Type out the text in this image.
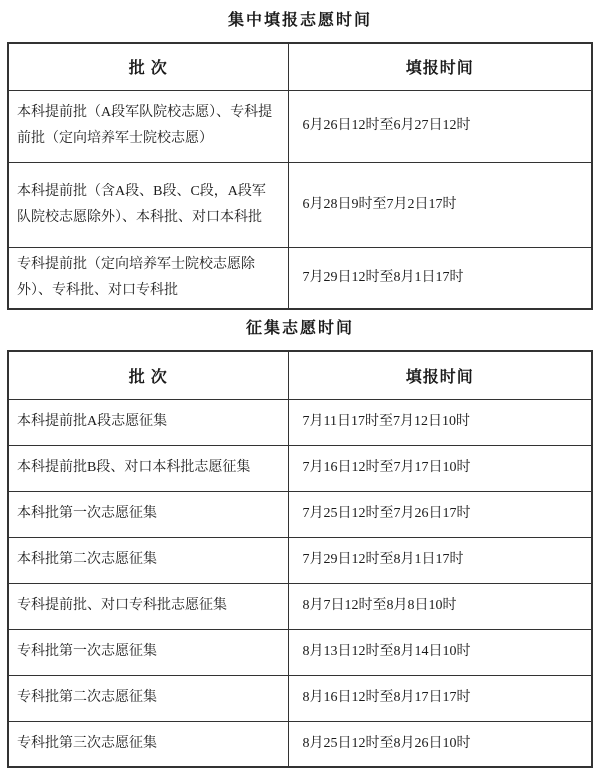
集中填报志愿时间
批 次	填报时间
本科提前批（A段军队院校志愿）、专科提前批（定向培养军士院校志愿）	6月26日12时至6月27日12时
本科提前批（含A段、B段、C段，A段军队院校志愿除外）、本科批、对口本科批	6月28日9时至7月2日17时
专科提前批（定向培养军士院校志愿除外）、专科批、对口专科批	7月29日12时至8月1日17时
征集志愿时间
批 次	填报时间
本科提前批A段志愿征集	7月11日17时至7月12日10时
本科提前批B段、对口本科批志愿征集	7月16日12时至7月17日10时
本科批第一次志愿征集	7月25日12时至7月26日17时
本科批第二次志愿征集	7月29日12时至8月1日17时
专科提前批、对口专科批志愿征集	8月7日12时至8月8日10时
专科批第一次志愿征集	8月13日12时至8月14日10时
专科批第二次志愿征集	8月16日12时至8月17日17时
专科批第三次志愿征集	8月25日12时至8月26日10时
